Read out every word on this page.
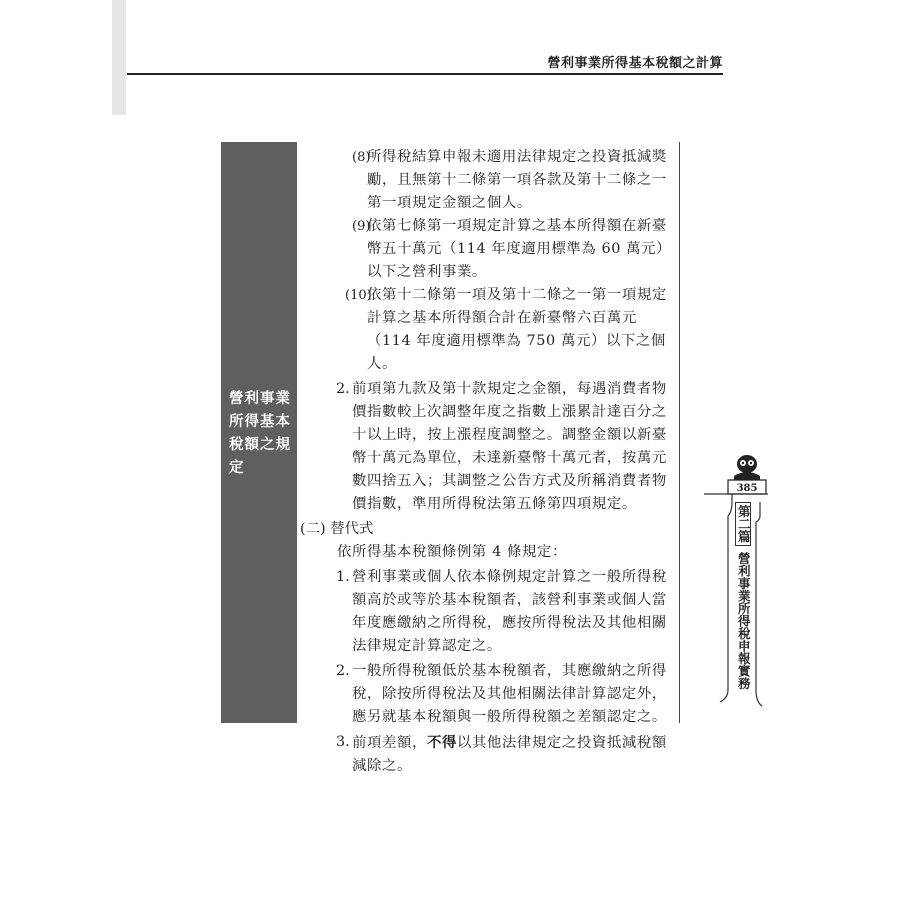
營利事業所得基本稅額之計算
營利事業
所得基本
稅額之規
定
(8)
所得稅結算申報未適用法律規定之投資抵減獎勵，且無第十二條第一項各款及第十二條之一第一項規定金額之個人。
(9)
依第七條第一項規定計算之基本所得額在新臺幣五十萬元（114 年度適用標準為 60 萬元）以下之營利事業。
(10)
依第十二條第一項及第十二條之一第一項規定計算之基本所得額合計在新臺幣六百萬元（114 年度適用標準為 750 萬元）以下之個人。
2. 前項第九款及第十款規定之金額，每遇消費者物價指數較上次調整年度之指數上漲累計達百分之十以上時，按上漲程度調整之。調整金額以新臺幣十萬元為單位，未達新臺幣十萬元者，按萬元數四捨五入；其調整之公告方式及所稱消費者物價指數，準用所得稅法第五條第四項規定。
(二) 替代式
依所得基本稅額條例第 4 條規定：
1. 營利事業或個人依本條例規定計算之一般所得稅額高於或等於基本稅額者，該營利事業或個人當年度應繳納之所得稅，應按所得稅法及其他相關法律規定計算認定之。
2. 一般所得稅額低於基本稅額者，其應繳納之所得稅，除按所得稅法及其他相關法律計算認定外，應另就基本稅額與一般所得稅額之差額認定之。
3. 前項差額，不得以其他法律規定之投資抵減稅額減除之。
385
第二篇
營利事業所得稅申報實務
